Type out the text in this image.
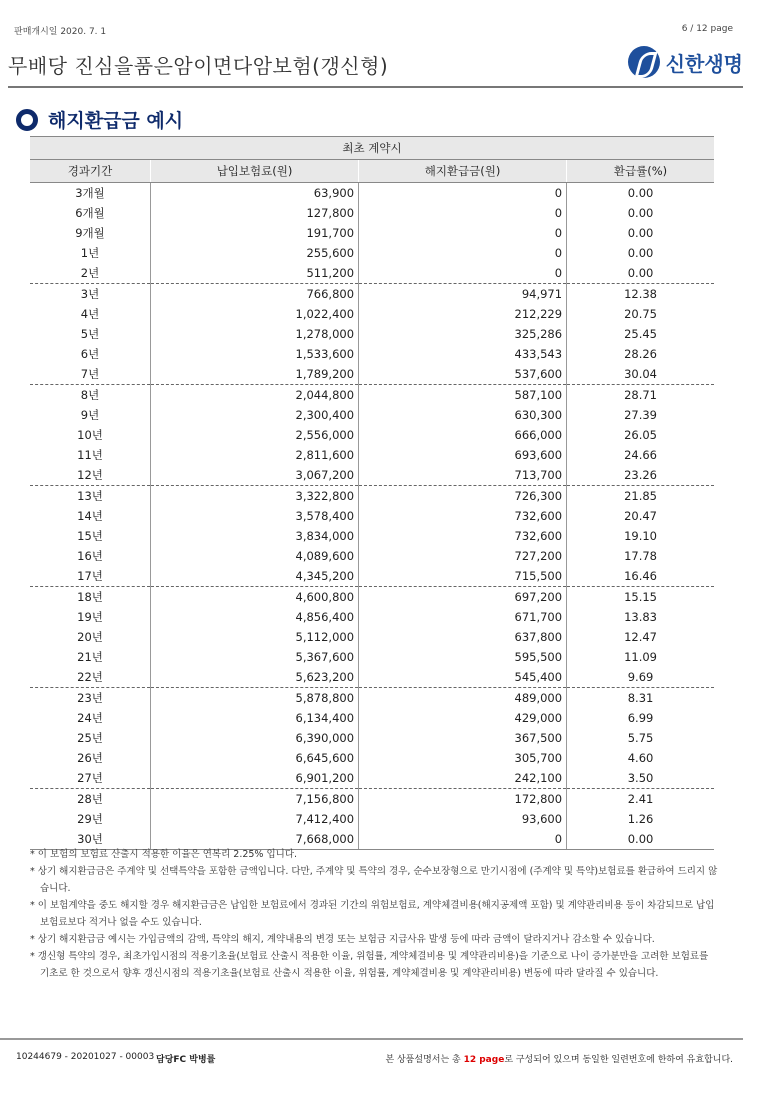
판매개시일 2020. 7. 1	6 / 12 page
무배당 진심을품은암이면다암보험(갱신형)	신한생명
해지환급금 예시
최초 계약시			
경과기간	납입보험료(원)	해지환급금(원)	환급률(%)
3개월	63,900	0	0.00
6개월	127,800	0	0.00
9개월	191,700	0	0.00
1년	255,600	0	0.00
2년	511,200	0	0.00
3년	766,800	94,971	12.38
4년	1,022,400	212,229	20.75
5년	1,278,000	325,286	25.45
6년	1,533,600	433,543	28.26
7년	1,789,200	537,600	30.04
8년	2,044,800	587,100	28.71
9년	2,300,400	630,300	27.39
10년	2,556,000	666,000	26.05
11년	2,811,600	693,600	24.66
12년	3,067,200	713,700	23.26
13년	3,322,800	726,300	21.85
14년	3,578,400	732,600	20.47
15년	3,834,000	732,600	19.10
16년	4,089,600	727,200	17.78
17년	4,345,200	715,500	16.46
18년	4,600,800	697,200	15.15
19년	4,856,400	671,700	13.83
20년	5,112,000	637,800	12.47
21년	5,367,600	595,500	11.09
22년	5,623,200	545,400	9.69
23년	5,878,800	489,000	8.31
24년	6,134,400	429,000	6.99
25년	6,390,000	367,500	5.75
26년	6,645,600	305,700	4.60
27년	6,901,200	242,100	3.50
28년	7,156,800	172,800	2.41
29년	7,412,400	93,600	1.26
30년	7,668,000	0	0.00
* 이 보험의 보험료 산출시 적용한 이율은 연복리 2.25% 입니다.
* 상기 해지환급금은 주계약 및 선택특약을 포함한 금액입니다. 다만, 주계약 및 특약의 경우, 순수보장형으로 만기시점에 (주계약 및 특약)보험료를 환급하여 드리지 않습니다.
* 이 보험계약을 중도 해지할 경우 해지환급금은 납입한 보험료에서 경과된 기간의 위험보험료, 계약체결비용(해지공제액 포함) 및 계약관리비용 등이 차감되므로 납입보험료보다 적거나 없을 수도 있습니다.
* 상기 해지환급금 예시는 가입금액의 감액, 특약의 해지, 계약내용의 변경 또는 보험금 지급사유 발생 등에 따라 금액이 달라지거나 감소할 수 있습니다.
* 갱신형 특약의 경우, 최초가입시점의 적용기초율(보험료 산출시 적용한 이율, 위험률, 계약체결비용 및 계약관리비용)을 기준으로 나이 증가분만을 고려한 보험료를 기초로 한 것으로서 향후 갱신시점의 적용기초율(보험료 산출시 적용한 이율, 위험률, 계약체결비용 및 계약관리비용) 변동에 따라 달라질 수 있습니다.
10244679 - 20201027 - 00003 담당FC 박병률	본 상품설명서는 총 12 page로 구성되어 있으며 동일한 일련번호에 한하여 유효합니다.
